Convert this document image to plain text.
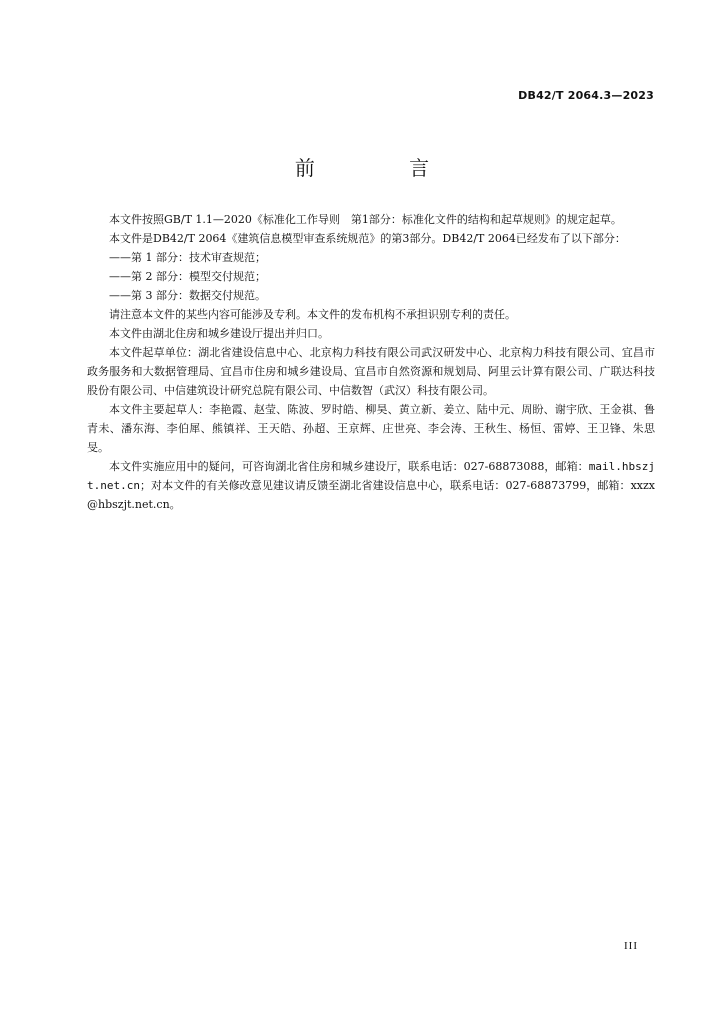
DB42/T 2064.3—2023
前 言

本文件按照GB/T 1.1—2020《标准化工作导则　第1部分：标准化文件的结构和起草规则》的规定起草。

本文件是DB42/T 2064《建筑信息模型审查系统规范》的第3部分。DB42/T 2064已经发布了以下部分：

——第 1 部分：技术审查规范；

——第 2 部分：模型交付规范；

——第 3 部分：数据交付规范。

请注意本文件的某些内容可能涉及专利。本文件的发布机构不承担识别专利的责任。

本文件由湖北住房和城乡建设厅提出并归口。

本文件起草单位：湖北省建设信息中心、北京构力科技有限公司武汉研发中心、北京构力科技有限公司、宜昌市政务服务和大数据管理局、宜昌市住房和城乡建设局、宜昌市自然资源和规划局、阿里云计算有限公司、广联达科技股份有限公司、中信建筑设计研究总院有限公司、中信数智（武汉）科技有限公司。

本文件主要起草人：李艳霞、赵莹、陈波、罗时皓、柳昊、黄立新、姜立、陆中元、周盼、谢宇欣、王金祺、鲁青未、潘东海、李伯犀、熊镇祥、王天皓、孙超、王京辉、庄世亮、李会涛、王秋生、杨恒、雷婷、王卫锋、朱思旻。

本文件实施应用中的疑问，可咨询湖北省住房和城乡建设厅，联系电话：027-68873088，邮箱：mail.hbszjt.net.cn；对本文件的有关修改意见建议请反馈至湖北省建设信息中心，联系电话：027-68873799，邮箱：xxzx@hbszjt.net.cn。

III
